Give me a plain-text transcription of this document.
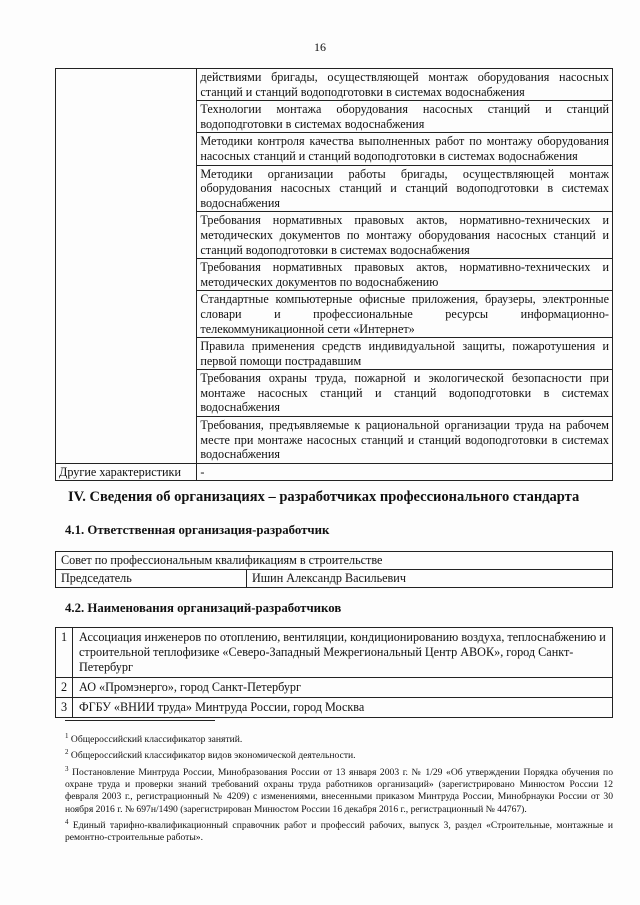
16
	действиями бригады, осуществляющей монтаж оборудования насосных станций и станций водоподготовки в системах водоснабжения
	Технологии монтажа оборудования насосных станций и станций водоподготовки в системах водоснабжения
	Методики контроля качества выполненных работ по монтажу оборудования насосных станций и станций водоподготовки в системах водоснабжения
	Методики организации работы бригады, осуществляющей монтаж оборудования насосных станций и станций водоподготовки в системах водоснабжения
	Требования нормативных правовых актов, нормативно-технических и методических документов по монтажу оборудования насосных станций и станций водоподготовки в системах водоснабжения
	Требования нормативных правовых актов, нормативно-технических и методических документов по водоснабжению
	Стандартные компьютерные офисные приложения, браузеры, электронные словари и профессиональные ресурсы информационно-телекоммуникационной сети «Интернет»
	Правила применения средств индивидуальной защиты, пожаротушения и первой помощи пострадавшим
	Требования охраны труда, пожарной и экологической безопасности при монтаже насосных станций и станций водоподготовки в системах водоснабжения
	Требования, предъявляемые к рациональной организации труда на рабочем месте при монтаже насосных станций и станций водоподготовки в системах водоснабжения
Другие характеристики	-
IV. Сведения об организациях – разработчиках профессионального стандарта
4.1. Ответственная организация-разработчик
Совет по профессиональным квалификациям в строительстве
Председатель	Ишин Александр Васильевич
4.2. Наименования организаций-разработчиков
1	Ассоциация инженеров по отоплению, вентиляции, кондиционированию воздуха, теплоснабжению и строительной теплофизике «Северо-Западный Межрегиональный Центр АВОК», город Санкт-Петербург
2	АО «Промэнерго», город Санкт-Петербург
3	ФГБУ «ВНИИ труда» Минтруда России, город Москва

$^1$ Общероссийский классификатор занятий.

$^2$ Общероссийский классификатор видов экономической деятельности.

$^3$ Постановление Минтруда России, Минобразования России от 13 января 2003 г. № 1/29 «Об утверждении Порядка обучения по охране труда и проверки знаний требований охраны труда работников организаций» (зарегистрировано Минюстом России 12 февраля 2003 г., регистрационный № 4209) с изменениями, внесенными приказом Минтруда России, Минобрнауки России от 30 ноября 2016 г. № 697н/1490 (зарегистрирован Минюстом России 16 декабря 2016 г., регистрационный № 44767).

$^4$ Единый тарифно-квалификационный справочник работ и профессий рабочих, выпуск 3, раздел «Строительные, монтажные и ремонтно-строительные работы».
